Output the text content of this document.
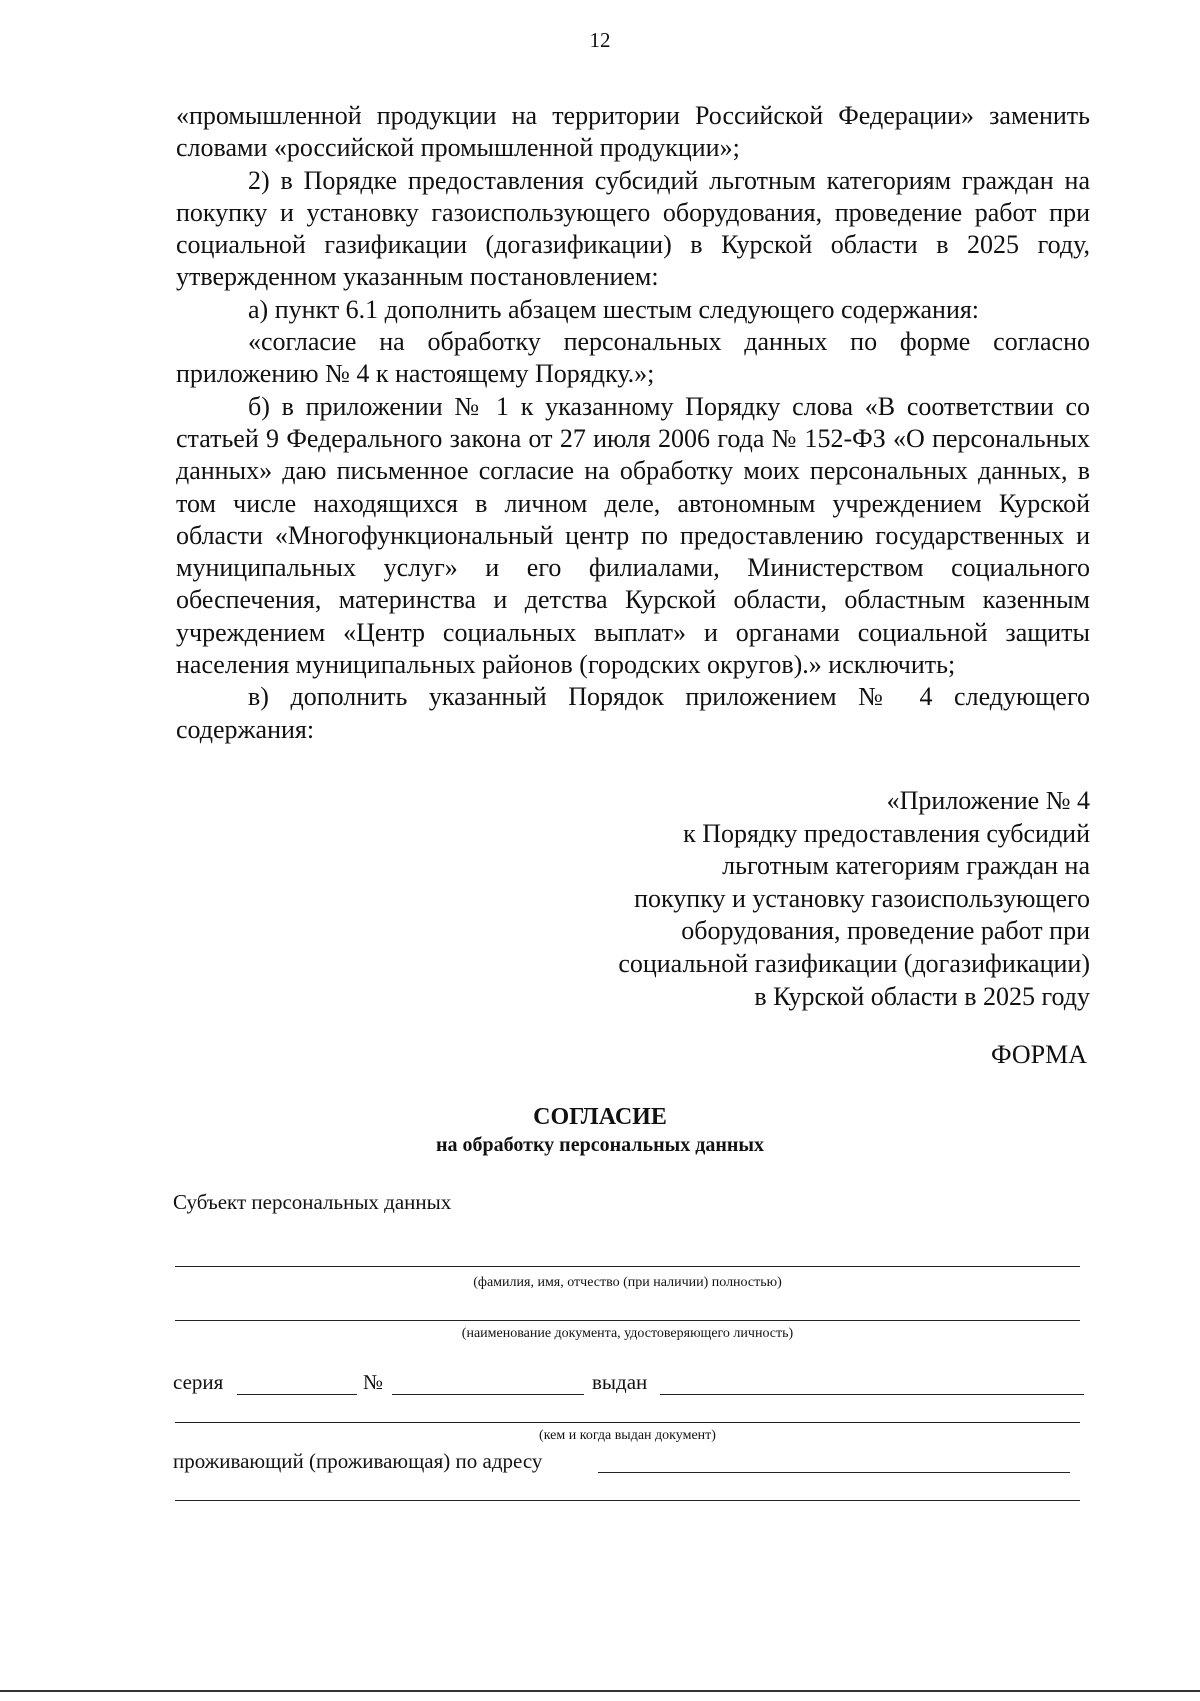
12

«промышленной продукции на территории Российской Федерации» заменить словами «российской промышленной продукции»;

2) в Порядке предоставления субсидий льготным категориям граждан на покупку и установку газоиспользующего оборудования, проведение работ при социальной газификации (догазификации) в Курской области в 2025 году, утвержденном указанным постановлением:

а) пункт 6.1 дополнить абзацем шестым следующего содержания:

«согласие на обработку персональных данных по форме согласно приложению № 4 к настоящему Порядку.»;

б) в приложении № 1 к указанному Порядку слова «В соответствии со статьей 9 Федерального закона от 27 июля 2006 года № 152-ФЗ «О персональных данных» даю письменное согласие на обработку моих персональных данных, в том числе находящихся в личном деле, автономным учреждением Курской области «Многофункциональный центр по предоставлению государственных и муниципальных услуг» и его филиалами, Министерством социального обеспечения, материнства и детства Курской области, областным казенным учреждением «Центр социальных выплат» и органами социальной защиты населения муниципальных районов (городских округов).» исключить;

в) дополнить указанный Порядок приложением № 4 следующего содержания:

«Приложение № 4
к Порядку предоставления субсидий
льготным категориям граждан на
покупку и установку газоиспользующего
оборудования, проведение работ при
социальной газификации (догазификации)
в Курской области в 2025 году
ФОРМА
СОГЛАСИЕ
на обработку персональных данных
Субъект персональных данных
(фамилия, имя, отчество (при наличии) полностью)
(наименование документа, удостоверяющего личность)
серия	№	выдан
(кем и когда выдан документ)
проживающий (проживающая) по адресу
